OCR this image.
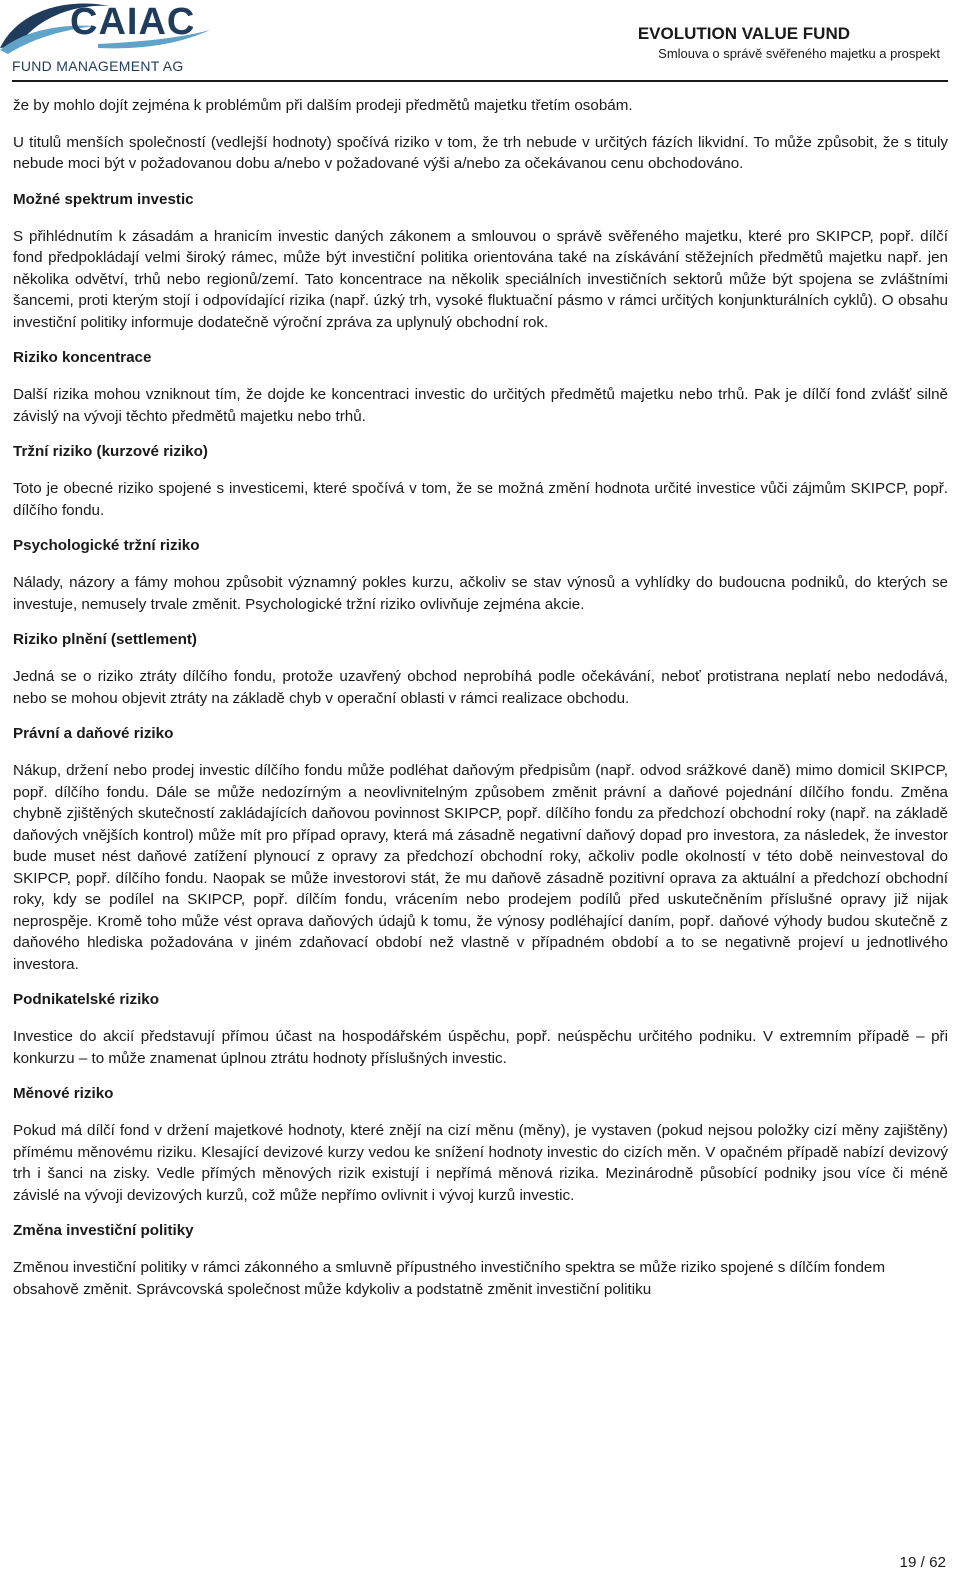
CAIAC
FUND MANAGEMENT AG
EVOLUTION VALUE FUND
Smlouva o správě svěřeného majetku a prospekt

že by mohlo dojít zejména k problémům při dalším prodeji předmětů majetku třetím osobám.

U titulů menších společností (vedlejší hodnoty) spočívá riziko v tom, že trh nebude v určitých fázích likvidní. To může způsobit, že s tituly nebude moci být v požadovanou dobu a/nebo v požadované výši a/nebo za očekávanou cenu obchodováno.

Možné spektrum investic

S přihlédnutím k zásadám a hranicím investic daných zákonem a smlouvou o správě svěřeného majetku, které pro SKIPCP, popř. dílčí fond předpokládají velmi široký rámec, může být investiční politika orientována také na získávání stěžejních předmětů majetku např. jen několika odvětví, trhů nebo regionů/zemí. Tato koncentrace na několik speciálních investičních sektorů může být spojena se zvláštními šancemi, proti kterým stojí i odpovídající rizika (např. úzký trh, vysoké fluktuační pásmo v rámci určitých konjunkturálních cyklů). O obsahu investiční politiky informuje dodatečně výroční zpráva za uplynulý obchodní rok.

Riziko koncentrace

Další rizika mohou vzniknout tím, že dojde ke koncentraci investic do určitých předmětů majetku nebo trhů. Pak je dílčí fond zvlášť silně závislý na vývoji těchto předmětů majetku nebo trhů.

Tržní riziko (kurzové riziko)

Toto je obecné riziko spojené s investicemi, které spočívá v tom, že se možná změní hodnota určité investice vůči zájmům SKIPCP, popř. dílčího fondu.

Psychologické tržní riziko

Nálady, názory a fámy mohou způsobit významný pokles kurzu, ačkoliv se stav výnosů a vyhlídky do budoucna podniků, do kterých se investuje, nemusely trvale změnit. Psychologické tržní riziko ovlivňuje zejména akcie.

Riziko plnění (settlement)

Jedná se o riziko ztráty dílčího fondu, protože uzavřený obchod neprobíhá podle očekávání, neboť protistrana neplatí nebo nedodává, nebo se mohou objevit ztráty na základě chyb v operační oblasti v rámci realizace obchodu.

Právní a daňové riziko

Nákup, držení nebo prodej investic dílčího fondu může podléhat daňovým předpisům (např. odvod srážkové daně) mimo domicil SKIPCP, popř. dílčího fondu. Dále se může nedozírným a neovlivnitelným způsobem změnit právní a daňové pojednání dílčího fondu. Změna chybně zjištěných skutečností zakládajících daňovou povinnost SKIPCP, popř. dílčího fondu za předchozí obchodní roky (např. na základě daňových vnějších kontrol) může mít pro případ opravy, která má zásadně negativní daňový dopad pro investora, za následek, že investor bude muset nést daňové zatížení plynoucí z opravy za předchozí obchodní roky, ačkoliv podle okolností v této době neinvestoval do SKIPCP, popř. dílčího fondu. Naopak se může investorovi stát, že mu daňově zásadně pozitivní oprava za aktuální a předchozí obchodní roky, kdy se podílel na SKIPCP, popř. dílčím fondu, vrácením nebo prodejem podílů před uskutečněním příslušné opravy již nijak neprospěje. Kromě toho může vést oprava daňových údajů k tomu, že výnosy podléhající daním, popř. daňové výhody budou skutečně z daňového hlediska požadována v jiném zdaňovací období než vlastně v případném období a to se negativně projeví u jednotlivého investora.

Podnikatelské riziko

Investice do akcií představují přímou účast na hospodářském úspěchu, popř. neúspěchu určitého podniku. V extremním případě – při konkurzu – to může znamenat úplnou ztrátu hodnoty příslušných investic.

Měnové riziko

Pokud má dílčí fond v držení majetkové hodnoty, které znějí na cizí měnu (měny), je vystaven (pokud nejsou položky cizí měny zajištěny) přímému měnovému riziku. Klesající devizové kurzy vedou ke snížení hodnoty investic do cizích měn. V opačném případě nabízí devizový trh i šanci na zisky. Vedle přímých měnových rizik existují i nepřímá měnová rizika. Mezinárodně působící podniky jsou více či méně závislé na vývoji devizových kurzů, což může nepřímo ovlivnit i vývoj kurzů investic.

Změna investiční politiky

Změnou investiční politiky v rámci zákonného a smluvně přípustného investičního spektra se může riziko spojené s dílčím fondem obsahově změnit. Správcovská společnost může kdykoliv a podstatně změnit investiční politiku

19 / 62
